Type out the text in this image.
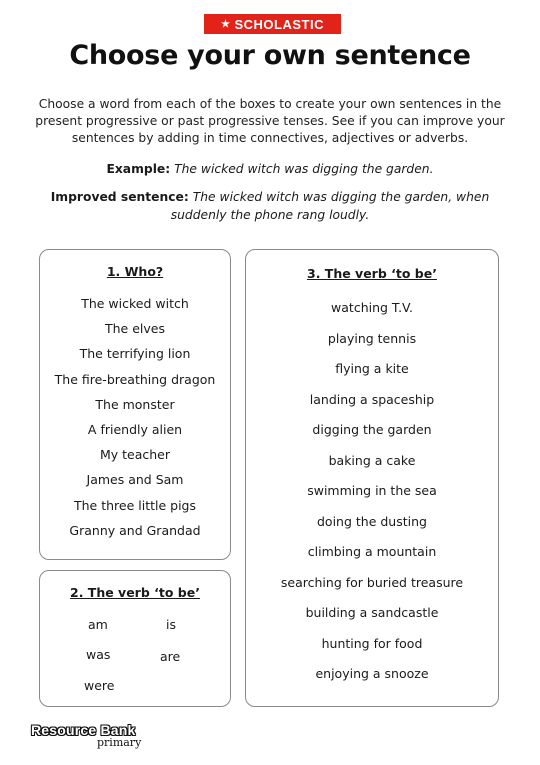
★ SCHOLASTIC
Choose your own sentence
Choose a word from each of the boxes to create your own sentences in the present progressive or past progressive tenses. See if you can improve your sentences by adding in time connectives, adjectives or adverbs.
Example: The wicked witch was digging the garden.
Improved sentence: The wicked witch was digging the garden, when suddenly the phone rang loudly.
1. Who?
The wicked witch
The elves
The terrifying lion
The fire-breathing dragon
The monster
A friendly alien
My teacher
James and Sam
The three little pigs
Granny and Grandad
2. The verb ‘to be’
am	is
was	are
were
3. The verb ‘to be’
watching T.V.
playing tennis
flying a kite
landing a spaceship
digging the garden
baking a cake
swimming in the sea
doing the dusting
climbing a mountain
searching for buried treasure
building a sandcastle
hunting for food
enjoying a snooze
Resource Bank
primary
